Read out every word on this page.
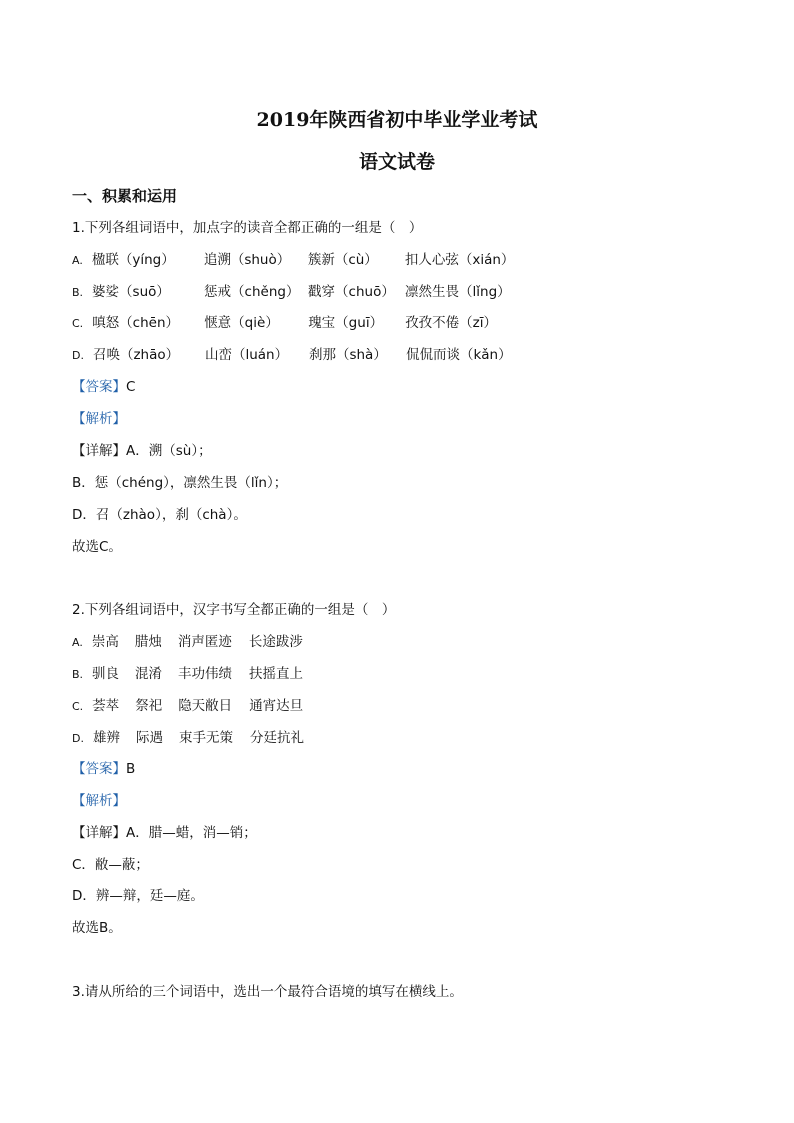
2019年陕西省初中毕业学业考试
语文试卷
一、积累和运用
1.下列各组词语中，加点字的读音全都正确的一组是（　）
A. 楹联（yíng）	追溯（shuò）	簇新（cù）	扣人心弦（xián）
B. 婆娑（suō）	惩戒（chěng） 戳穿（chuō） 凛然生畏（lǐng）
C. 嗔怒（chēn）	惬意（qiè）	瑰宝（guī）	孜孜不倦（zī）
D. 召唤（zhāo）	山峦（luán）	刹那（shà）	侃侃而谈（kǎn）
【答案】C
【解析】
【详解】A．溯（sù）；
B．惩（chéng），凛然生畏（lǐn）；
D．召（zhào），刹（chà）。
故选C。
2.下列各组词语中，汉字书写全都正确的一组是（　）
A. 崇高	腊烛	消声匿迹	长途跋涉
B. 驯良	混淆	丰功伟绩	扶摇直上
C. 荟萃	祭祀	隐天敝日	通宵达旦
D. 雄辨	际遇	束手无策	分廷抗礼
【答案】B
【解析】
【详解】A．腊—蜡，消—销；
C．敝—蔽；
D．辨—辩，廷—庭。
故选B。
3.请从所给的三个词语中，选出一个最符合语境的填写在横线上。
